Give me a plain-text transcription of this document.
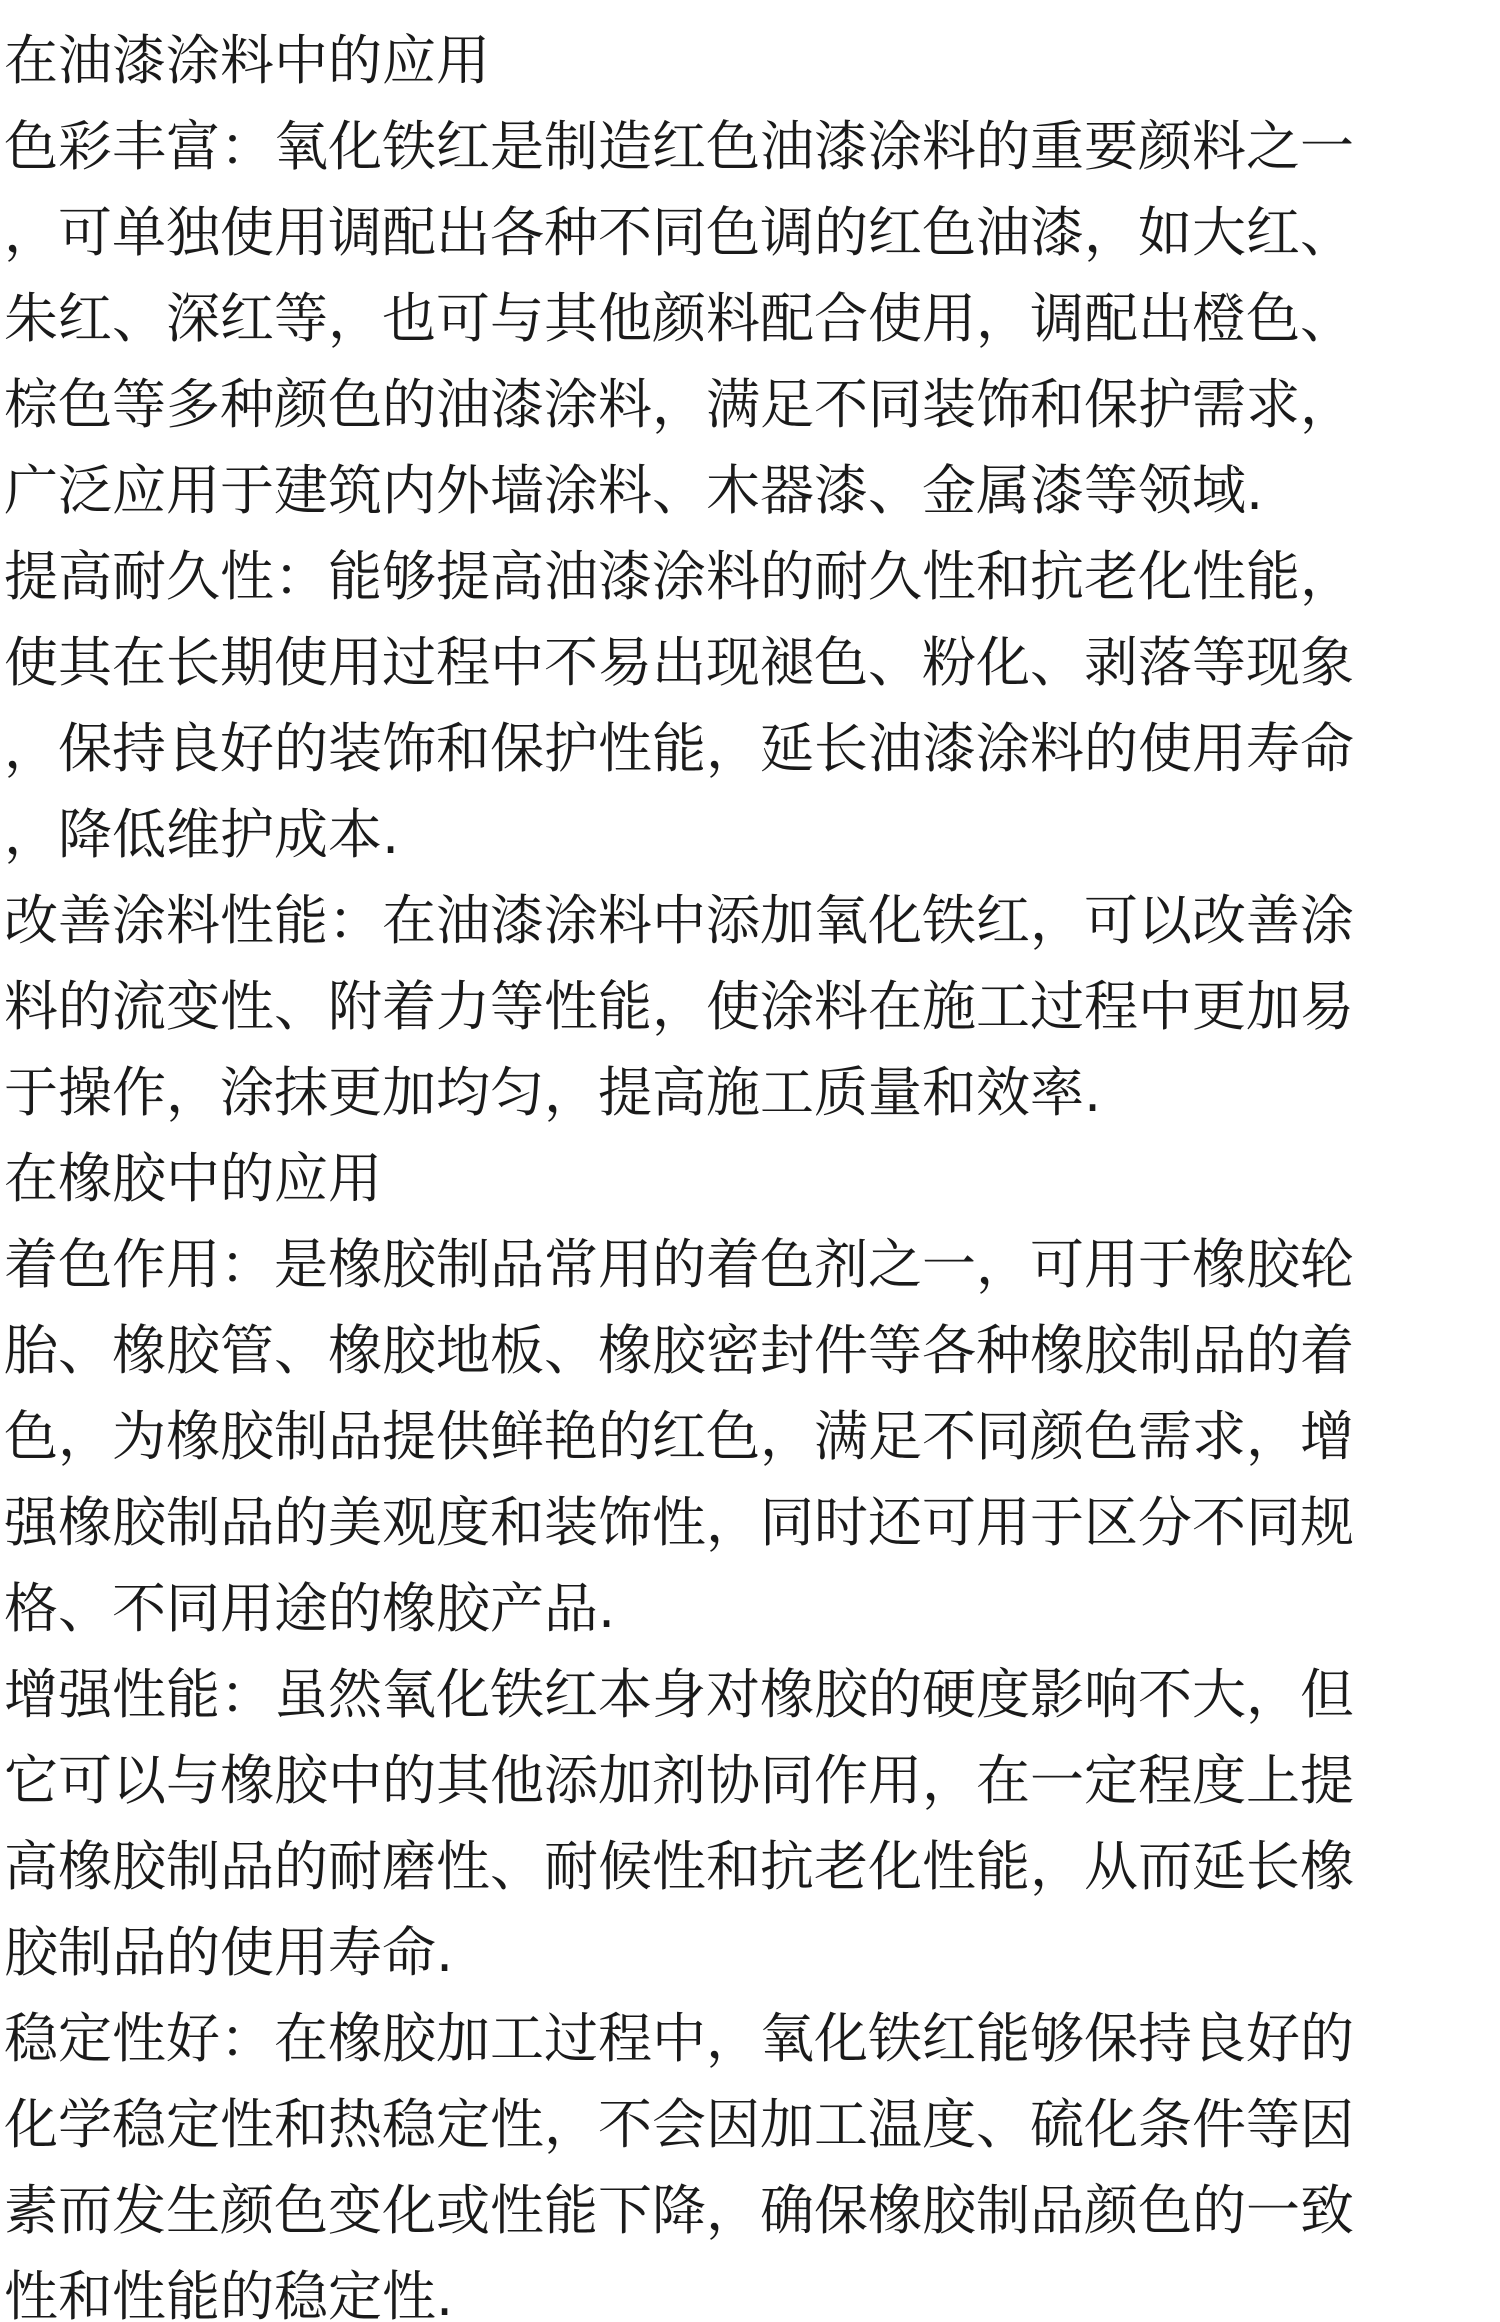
在油漆涂料中的应用
色彩丰富：氧化铁红是制造红色油漆涂料的重要颜料之一
，可单独使用调配出各种不同色调的红色油漆，如大红、
朱红、深红等，也可与其他颜料配合使用，调配出橙色、
棕色等多种颜色的油漆涂料，满足不同装饰和保护需求，
广泛应用于建筑内外墙涂料、木器漆、金属漆等领域.
提高耐久性：能够提高油漆涂料的耐久性和抗老化性能，
使其在长期使用过程中不易出现褪色、粉化、剥落等现象
，保持良好的装饰和保护性能，延长油漆涂料的使用寿命
，降低维护成本.
改善涂料性能：在油漆涂料中添加氧化铁红，可以改善涂
料的流变性、附着力等性能，使涂料在施工过程中更加易
于操作，涂抹更加均匀，提高施工质量和效率.
在橡胶中的应用
着色作用：是橡胶制品常用的着色剂之一，可用于橡胶轮
胎、橡胶管、橡胶地板、橡胶密封件等各种橡胶制品的着
色，为橡胶制品提供鲜艳的红色，满足不同颜色需求，增
强橡胶制品的美观度和装饰性，同时还可用于区分不同规
格、不同用途的橡胶产品.
增强性能：虽然氧化铁红本身对橡胶的硬度影响不大，但
它可以与橡胶中的其他添加剂协同作用，在一定程度上提
高橡胶制品的耐磨性、耐候性和抗老化性能，从而延长橡
胶制品的使用寿命.
稳定性好：在橡胶加工过程中，氧化铁红能够保持良好的
化学稳定性和热稳定性，不会因加工温度、硫化条件等因
素而发生颜色变化或性能下降，确保橡胶制品颜色的一致
性和性能的稳定性.
